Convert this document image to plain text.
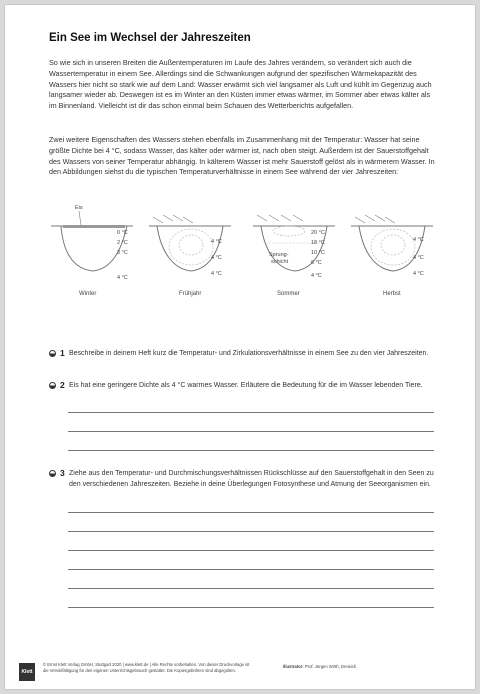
Ein See im Wechsel der Jahreszeiten

So wie sich in unseren Breiten die Außentemperaturen im Laufe des Jahres verändern, so verändert sich auch die Wassertemperatur in einem See. Allerdings sind die Schwankungen aufgrund der spezifischen Wärmekapazität des Wassers hier nicht so stark wie auf dem Land: Wasser erwärmt sich viel langsamer als Luft und kühlt im Gegenzug auch langsamer wieder ab. Deswegen ist es im Winter an den Küsten immer etwas wärmer, im Sommer aber etwas kälter als im Binnenland. Vielleicht ist dir das schon einmal beim Schauen des Wetterberichts aufgefallen.

Zwei weitere Eigenschaften des Wassers stehen ebenfalls im Zusammenhang mit der Temperatur: Wasser hat seine größte Dichte bei 4 °C, sodass Wasser, das kälter oder wärmer ist, nach oben steigt. Außerdem ist der Sauerstoffgehalt des Wassers von seiner Temperatur abhängig. In kälterem Wasser ist mehr Sauerstoff gelöst als in wärmerem Wasser. In den Abbildungen siehst du die typischen Temperaturverhältnisse in einem See während der vier Jahreszeiten:

Eis
0 °C
2 °C
3 °C
4 °C
Winter
4 °C
4 °C
4 °C
Frühjahr
Sprung-
schicht
20 °C
18 °C
10 °C
6 °C
4 °C
Sommer
4 °C
4 °C
4 °C
Herbst
1 Beschreibe in deinem Heft kurz die Temperatur- und Zirkulationsverhältnisse in einem See zu den vier Jahreszeiten.

2 Eis hat eine geringere Dichte als 4 °C warmes Wasser. Erläutere die Bedeutung für die im Wasser lebenden Tiere.

3 Ziehe aus den Temperatur- und Durchmischungsverhältnissen Rückschlüsse auf den Sauerstoffgehalt in den Seen zu den verschiedenen Jahreszeiten. Beziehe in deine Überlegungen Fotosynthese und Atmung der Seeorganismen ein.

Klett

© Ernst Klett Verlag GmbH, Stuttgart 2020 | www.klett.de | Alle Rechte vorbehalten. Von dieser Druckvorlage ist die Vervielfältigung für den eigenen Unterrichtsgebrauch gestattet. Die Kopiergebühren sind abgegolten.

Illustrator: Prof. Jürgen Wirth, Dreieich
